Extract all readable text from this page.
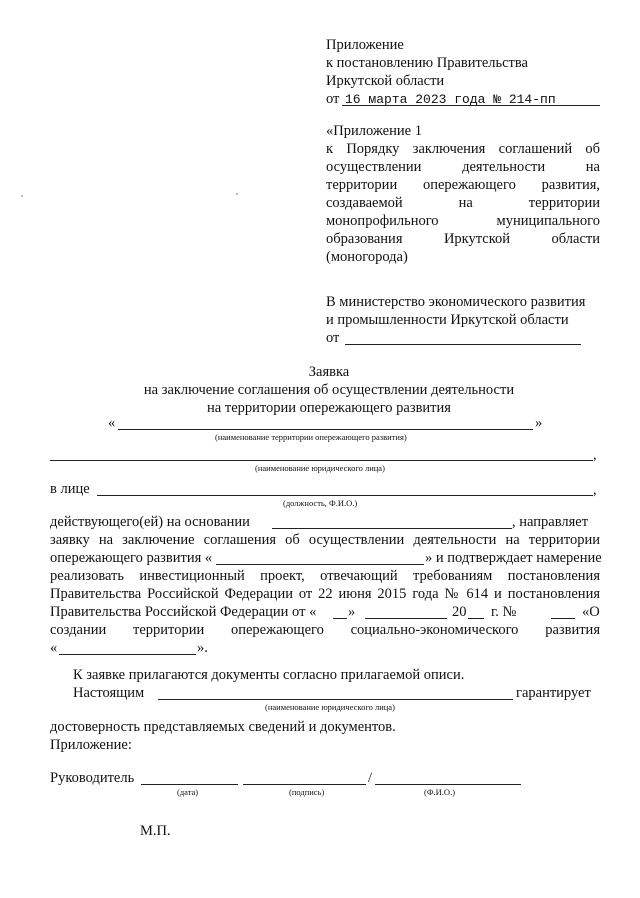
Приложение
к постановлению Правительства
Иркутской области
от 16 марта 2023 года № 214-пп
«Приложение 1
к Порядку заключения соглашений об
осуществлении деятельности на
территории опережающего развития,
создаваемой на территории
монопрофильного муниципального
образования Иркутской области
(моногорода)
В министерство экономического развития
и промышленности Иркутской области
от
Заявка
на заключение соглашения об осуществлении деятельности
на территории опережающего развития
«	»
(наименование территории опережающего развития)
,
(наименование юридического лица)
в лице	,
(должность, Ф.И.О.)
действующего(ей) на основании	, направляет
заявку на заключение соглашения об осуществлении деятельности на территории
опережающего развития «	» и подтверждает намерение
реализовать инвестиционный проект, отвечающий требованиям постановления
Правительства Российской Федерации от 22 июня 2015 года № 614 и постановления
Правительства Российской Федерации от « »	20 г. №	«О
создании территории опережающего социально-экономического развития
«	».
К заявке прилагаются документы согласно прилагаемой описи.
Настоящим	гарантирует
(наименование юридического лица)
достоверность представляемых сведений и документов.
Приложение:
Руководитель	/
(дата)	(подпись)	(Ф.И.О.)
М.П.
